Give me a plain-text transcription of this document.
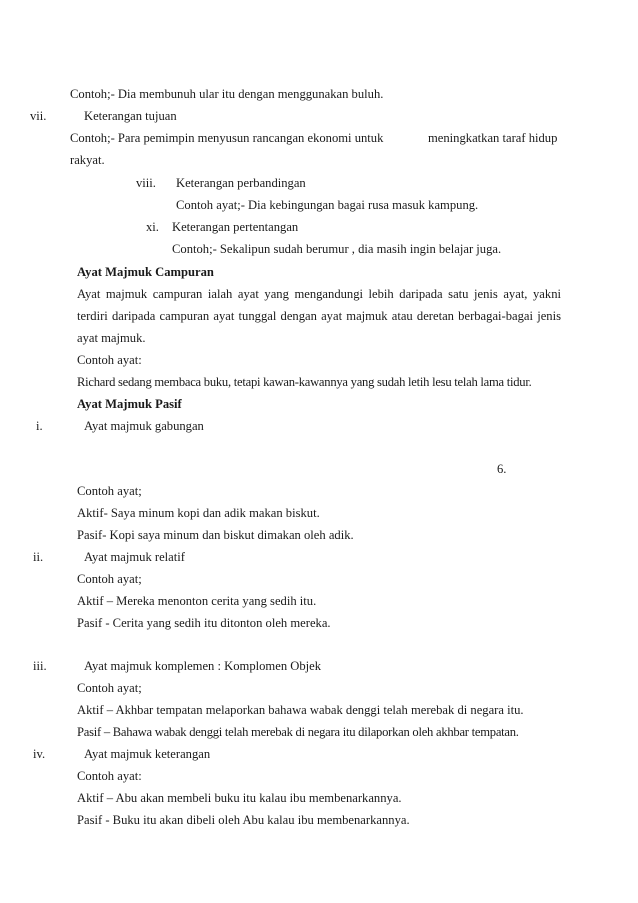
Contoh;- Dia membunuh ular itu dengan menggunakan buluh.
vii.	Keterangan tujuan
Contoh;- Para pemimpin menyusun rancangan ekonomi untuk	meningkatkan taraf hidup
rakyat.
viii. Keterangan perbandingan
Contoh ayat;- Dia kebingungan bagai rusa masuk kampung.
xi. Keterangan pertentangan
Contoh;- Sekalipun sudah berumur , dia masih ingin belajar juga.
Ayat Majmuk Campuran
Ayat majmuk campuran ialah ayat yang mengandungi lebih daripada satu jenis ayat, yakni
terdiri daripada campuran ayat tunggal dengan ayat majmuk atau deretan berbagai-bagai jenis
ayat majmuk.
Contoh ayat:
Richard sedang membaca buku, tetapi kawan-kawannya yang sudah letih lesu telah lama tidur.
Ayat Majmuk Pasif
i.	Ayat majmuk gabungan
6.
Contoh ayat;
Aktif- Saya minum kopi dan adik makan biskut.
Pasif- Kopi saya minum dan biskut dimakan oleh adik.
ii.	Ayat majmuk relatif
Contoh ayat;
Aktif – Mereka menonton cerita yang sedih itu.
Pasif - Cerita yang sedih itu ditonton oleh mereka.
iii.	Ayat majmuk komplemen : Komplomen Objek
Contoh ayat;
Aktif – Akhbar tempatan melaporkan bahawa wabak denggi telah merebak di negara itu.
Pasif – Bahawa wabak denggi telah merebak di negara itu dilaporkan oleh akhbar tempatan.
iv.	Ayat majmuk keterangan
Contoh ayat:
Aktif – Abu akan membeli buku itu kalau ibu membenarkannya.
Pasif - Buku itu akan dibeli oleh Abu kalau ibu membenarkannya.
